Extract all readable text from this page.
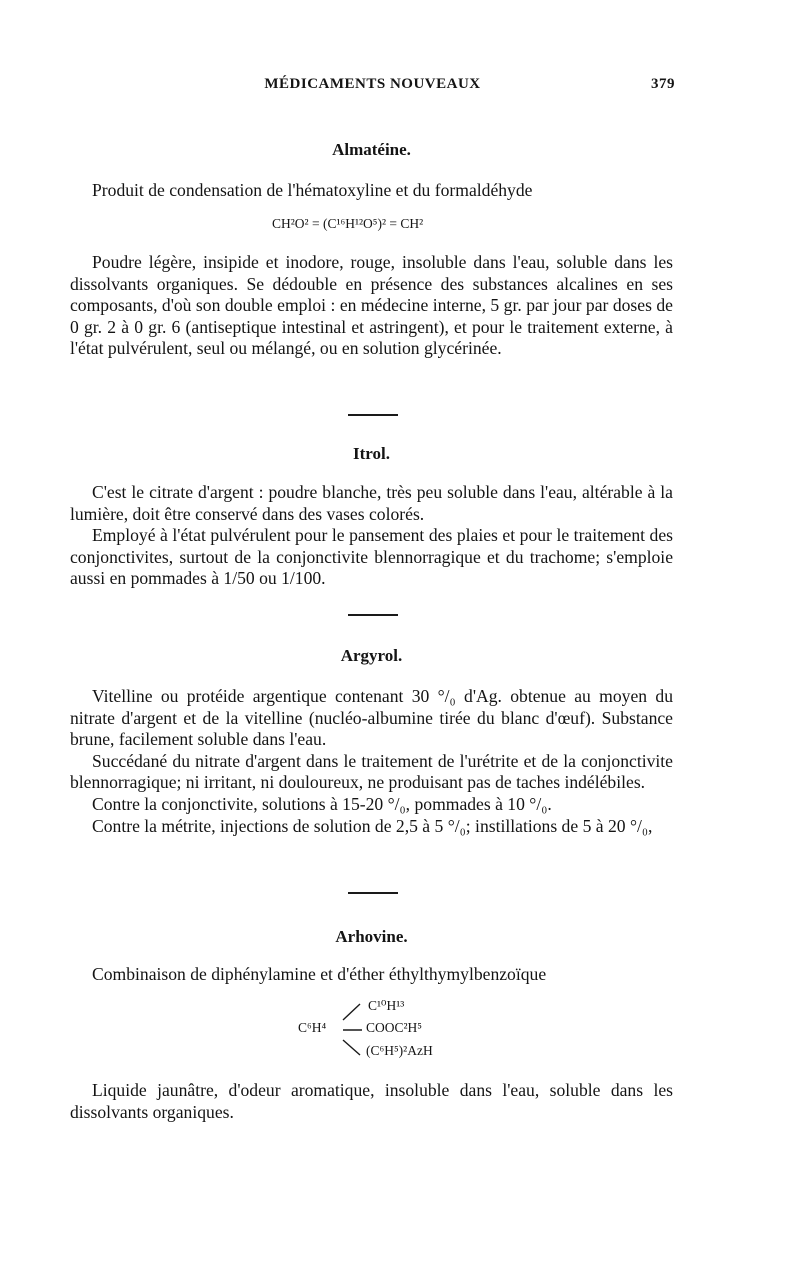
MÉDICAMENTS NOUVEAUX	379
Almatéine.

Produit de condensation de l'hématoxyline et du formaldéhyde

CH²O² = (C¹⁶H¹²O⁵)² = CH²

Poudre légère, insipide et inodore, rouge, insoluble dans l'eau, soluble dans les dissolvants organiques. Se dédouble en présence des substances alcalines en ses composants, d'où son double emploi : en médecine interne, 5 gr. par jour par doses de 0 gr. 2 à 0 gr. 6 (antiseptique intestinal et astringent), et pour le traitement externe, à l'état pulvérulent, seul ou mélangé, ou en solution glycérinée.

Itrol.

C'est le citrate d'argent : poudre blanche, très peu soluble dans l'eau, altérable à la lumière, doit être conservé dans des vases colorés.

Employé à l'état pulvérulent pour le pansement des plaies et pour le traitement des conjonctivites, surtout de la conjonctivite blennorragique et du trachome; s'emploie aussi en pommades à 1/50 ou 1/100.

Argyrol.

Vitelline ou protéide argentique contenant 30 °/₀ d'Ag. obtenue au moyen du nitrate d'argent et de la vitelline (nucléo-albumine tirée du blanc d'œuf). Substance brune, facilement soluble dans l'eau.

Succédané du nitrate d'argent dans le traitement de l'urétrite et de la conjonctivite blennorragique; ni irritant, ni douloureux, ne produisant pas de taches indélébiles.

Contre la conjonctivite, solutions à 15-20 °/₀, pommades à 10 °/₀.

Contre la métrite, injections de solution de 2,5 à 5 °/₀; instillations de 5 à 20 °/₀,

Arhovine.

Combinaison de diphénylamine et d'éther éthylthymylbenzoïque

C⁶H⁴
C¹⁰H¹³
COOC²H⁵
(C⁶H⁵)²AzH

Liquide jaunâtre, d'odeur aromatique, insoluble dans l'eau, soluble dans les dissolvants organiques.
